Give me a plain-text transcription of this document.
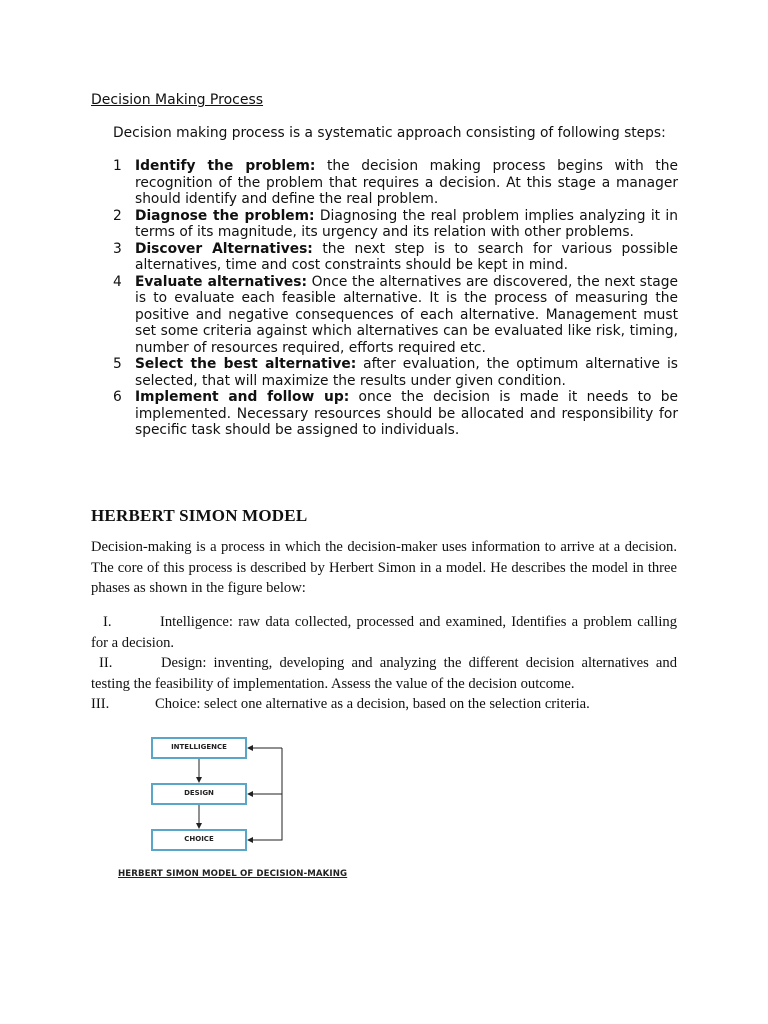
Decision Making Process
Decision making process is a systematic approach consisting of following steps:
1 Identify the problem: the decision making process begins with the recognition of the problem that requires a decision. At this stage a manager should identify and define the real problem.
2 Diagnose the problem: Diagnosing the real problem implies analyzing it in terms of its magnitude, its urgency and its relation with other problems.
3 Discover Alternatives: the next step is to search for various possible alternatives, time and cost constraints should be kept in mind.
4 Evaluate alternatives: Once the alternatives are discovered, the next stage is to evaluate each feasible alternative. It is the process of measuring the positive and negative consequences of each alternative. Management must set some criteria against which alternatives can be evaluated like risk, timing, number of resources required, efforts required etc.
5 Select the best alternative: after evaluation, the optimum alternative is selected, that will maximize the results under given condition.
6 Implement and follow up: once the decision is made it needs to be implemented. Necessary resources should be allocated and responsibility for specific task should be assigned to individuals.
HERBERT SIMON MODEL

Decision-making is a process in which the decision-maker uses information to arrive at a decision. The core of this process is described by Herbert Simon in a model. He describes the model in three phases as shown in the figure below:

I.	Intelligence: raw data collected, processed and examined, Identifies a problem calling for a decision.

II.	Design: inventing, developing and analyzing the different decision alternatives and testing the feasibility of implementation. Assess the value of the decision outcome.

III.	Choice: select one alternative as a decision, based on the selection criteria.

INTELLIGENCE
DESIGN
CHOICE
HERBERT SIMON MODEL OF DECISION-MAKING
